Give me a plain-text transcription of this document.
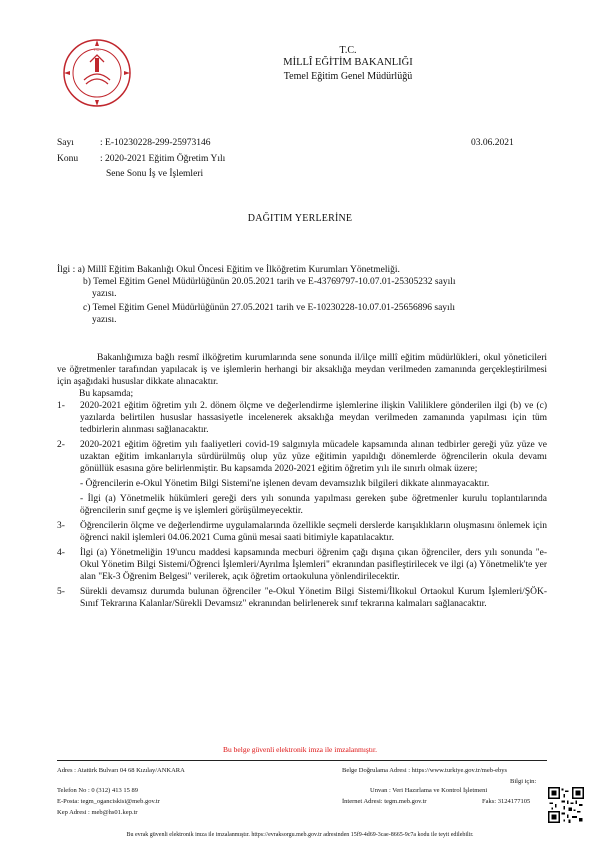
T.C.	T.C.
MİLLÎ EĞİTİM BAKANLIĞI
Temel Eğitim Genel Müdürlüğü
Sayı	: E-10230228-299-25973146	03.06.2021
Konu : 2020-2021 Eğitim Öğretim Yılı
Sene Sonu İş ve İşlemleri
DAĞITIM YERLERİNE
İlgi : a) Millî Eğitim Bakanlığı Okul Öncesi Eğitim ve İlköğretim Kurumları Yönetmeliği.
b) Temel Eğitim Genel Müdürlüğünün 20.05.2021 tarih ve E-43769797-10.07.01-25305232 sayılı
yazısı.
c) Temel Eğitim Genel Müdürlüğünün 27.05.2021 tarih ve E-10230228-10.07.01-25656896 sayılı
yazısı.

Bakanlığımıza bağlı resmî ilköğretim kurumlarında sene sonunda il/ilçe millî eğitim müdürlükleri, okul yöneticileri ve öğretmenler tarafından yapılacak iş ve işlemlerin herhangi bir aksaklığa meydan verilmeden zamanında gerçekleştirilmesi için aşağıdaki hususlar dikkate alınacaktır.

Bu kapsamda;

1- 2020-2021 eğitim öğretim yılı 2. dönem ölçme ve değerlendirme işlemlerine ilişkin Valiliklere gönderilen ilgi (b) ve (c) yazılarda belirtilen hususlar hassasiyetle incelenerek aksaklığa meydan verilmeden zamanında yapılması için tüm tedbirlerin alınması sağlanacaktır.
2- 2020-2021 eğitim öğretim yılı faaliyetleri covid-19 salgınıyla mücadele kapsamında alınan tedbirler gereği yüz yüze ve uzaktan eğitim imkanlarıyla sürdürülmüş olup yüz yüze eğitimin yapıldığı dönemlerde öğrencilerin okula devamı gönüllük esasına göre belirlenmiştir. Bu kapsamda 2020-2021 eğitim öğretim yılı ile sınırlı olmak üzere;
- Öğrencilerin e-Okul Yönetim Bilgi Sistemi'ne işlenen devam devamsızlık bilgileri dikkate alınmayacaktır.
- İlgi (a) Yönetmelik hükümleri gereği ders yılı sonunda yapılması gereken şube öğretmenler kurulu toplantılarında öğrencilerin sınıf geçme iş ve işlemleri görüşülmeyecektir.
3- Öğrencilerin ölçme ve değerlendirme uygulamalarında özellikle seçmeli derslerde karışıklıkların oluşmasını önlemek için öğrenci nakil işlemleri 04.06.2021 Cuma günü mesai saati bitimiyle kapatılacaktır.
4- İlgi (a) Yönetmeliğin 19'uncu maddesi kapsamında mecburi öğrenim çağı dışına çıkan öğrenciler, ders yılı sonunda "e-Okul Yönetim Bilgi Sistemi/Öğrenci İşlemleri/Ayrılma İşlemleri" ekranından pasifleştirilecek ve ilgi (a) Yönetmelik'te yer alan "Ek-3 Öğrenim Belgesi" verilerek, açık öğretim ortaokuluna yönlendirilecektir.
5- Sürekli devamsız durumda bulunan öğrenciler "e-Okul Yönetim Bilgi Sistemi/İlkokul Ortaokul Kurum İşlemleri/ŞÖK-Sınıf Tekrarına Kalanlar/Sürekli Devamsız" ekranından belirlenerek sınıf tekrarına kalmaları sağlanacaktır.
Bu belge güvenli elektronik imza ile imzalanmıştır.
Adres : Atatürk Bulvarı 04 68 Kızılay/ANKARA	Belge Doğrulama Adresi : https://www.turkiye.gov.tr/meb-ebys
Bilgi için:
Telefon No : 0 (312) 413 15 89	Unvan : Veri Hazırlama ve Kontrol İşletmeni
E-Posta: tegm_oganciskisi@meb.gov.tr	İnternet Adresi: tegm.meb.gov.tr	Faks: 3124177105
Kep Adresi : meb@hs01.kep.tr
Bu evrak güvenli elektronik imza ile imzalanmıştır. https://evraksorgu.meb.gov.tr adresinden 15f9-4d69-3cae-8665-9c7a kodu ile teyit edilebilir.
